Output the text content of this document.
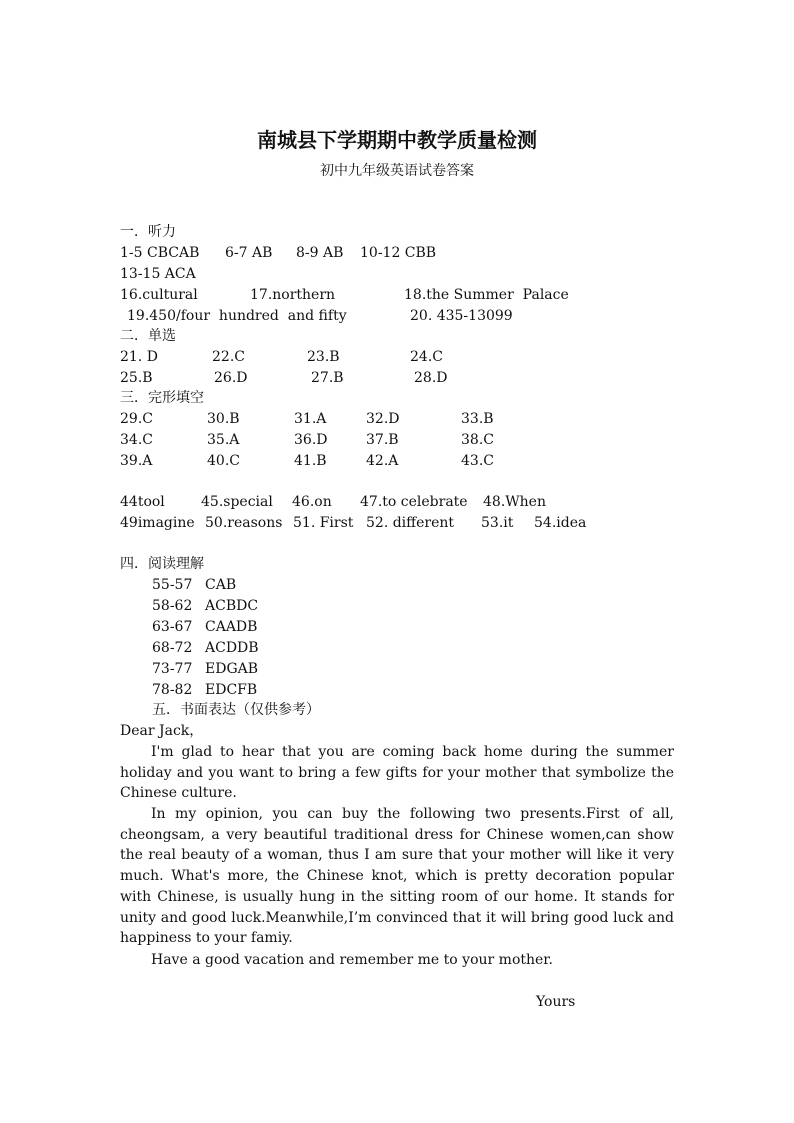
南城县下学期期中教学质量检测
初中九年级英语试卷答案
一．听力
1-5 CBCAB 6-7 AB 8-9 AB 10-12 CBB
13-15 ACA
16.cultural	17.northern	18.the Summer  Palace
19.450/four  hundred  and fifty	20. 435-13099
二．单选
21. D	22.C	23.B	24.C
25.B	26.D	27.B	28.D
三．完形填空
29.C	30.B	31.A	32.D	33.B
34.C	35.A	36.D	37.B	38.C
39.A	40.C	41.B	42.A	43.C
44tool	45.special 46.on 47.to celebrate 48.When
49imagine 50.reasons 51. First 52. different 53.it 54.idea
四．阅读理解
55-57 CAB
58-62 ACBDC
63-67 CAADB
68-72 ACDDB
73-77 EDGAB
78-82 EDCFB
五．书面表达（仅供参考）
Dear Jack，
I'm glad to hear that you are coming back home during the summer holiday and you want to bring a few gifts for your mother that symbolize the Chinese culture.
In my opinion, you can buy the following two presents.First of all, cheongsam, a very beautiful traditional dress for Chinese women,can show the real beauty of a woman, thus I am sure that your mother will like it very much. What's more, the Chinese knot, which is pretty decoration popular with Chinese, is usually hung in the sitting room of our home. It stands for unity and good luck.Meanwhile,I’m convinced that it will bring good luck and happiness to your famiy.
Have a good vacation and remember me to your mother.
Yours
